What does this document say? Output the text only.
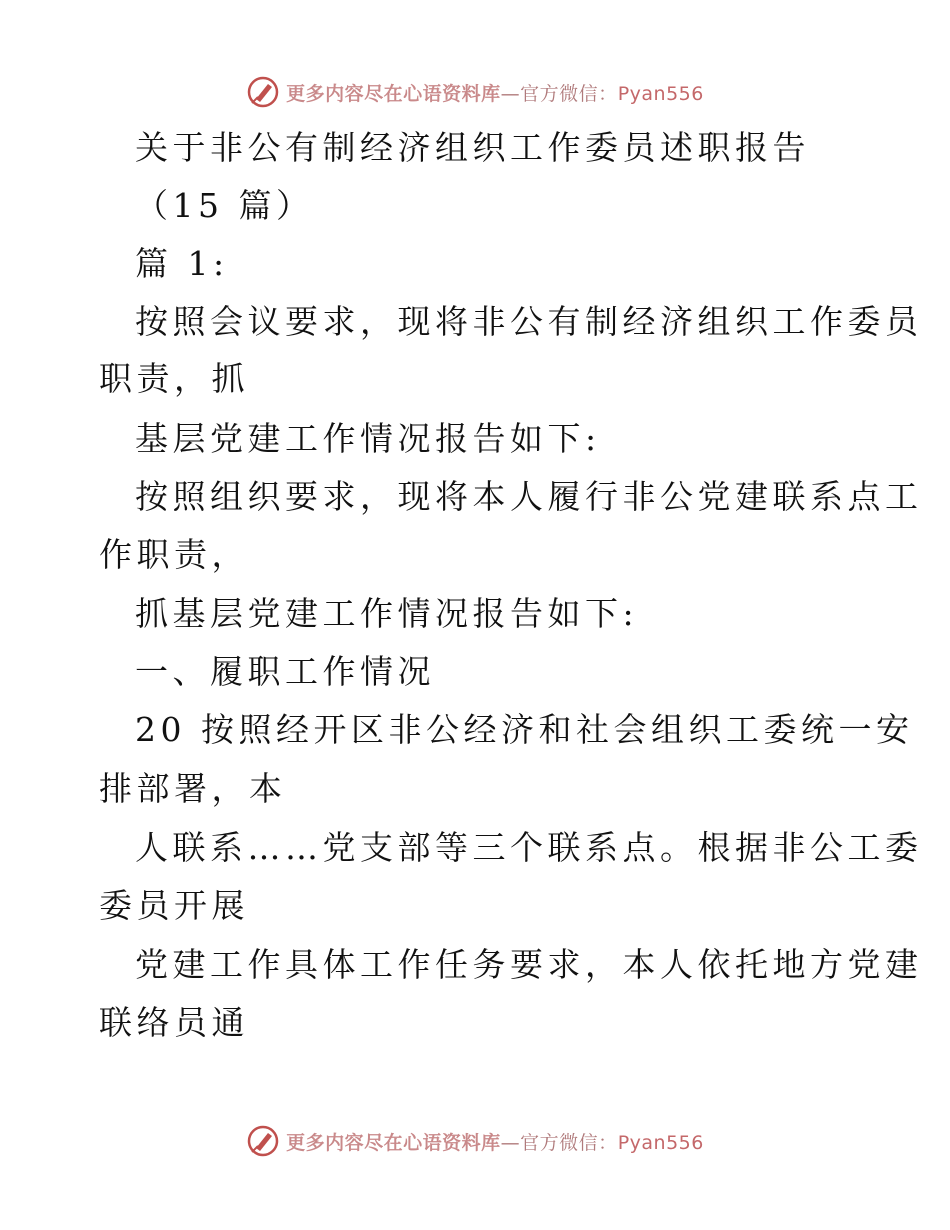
更多内容尽在心语资料库—官方微信：Pyan556
关于非公有制经济组织工作委员述职报告
（15 篇）
篇 1:
按照会议要求，现将非公有制经济组织工作委员
职责，抓
基层党建工作情况报告如下:
按照组织要求，现将本人履行非公党建联系点工
作职责，
抓基层党建工作情况报告如下:
一、履职工作情况
20 按照经开区非公经济和社会组织工委统一安
排部署，本
人联系……党支部等三个联系点。根据非公工委
委员开展
党建工作具体工作任务要求，本人依托地方党建
联络员通
更多内容尽在心语资料库—官方微信：Pyan556
